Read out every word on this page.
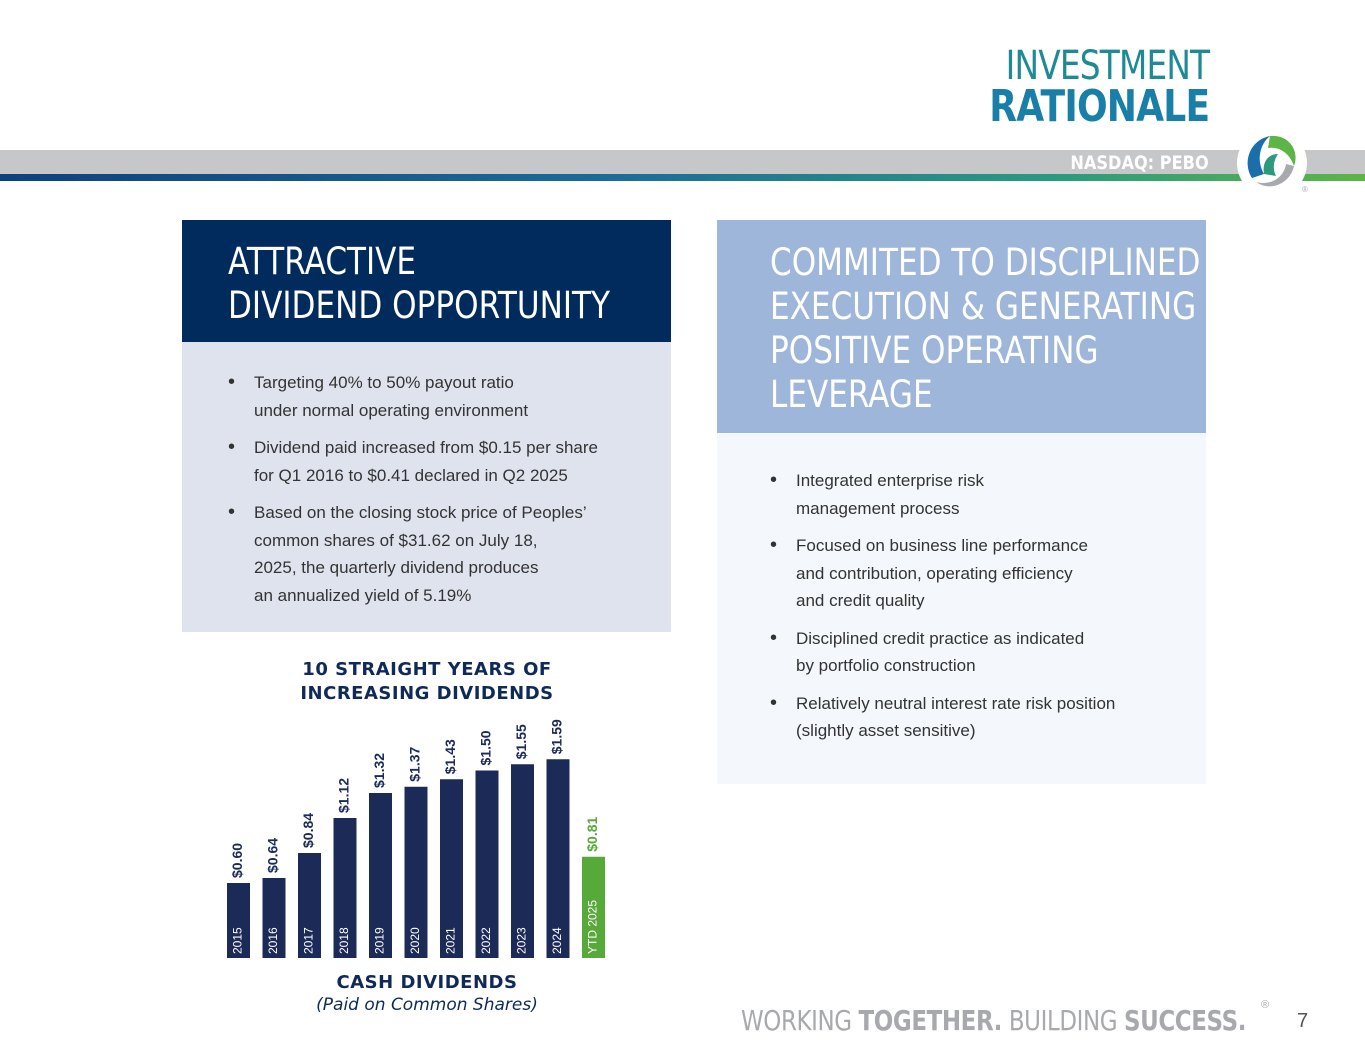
INVESTMENT
RATIONALE
NASDAQ: PEBO
®
ATTRACTIVE
DIVIDEND OPPORTUNITY
• Targeting 40% to 50% payout ratio
under normal operating environment
• Dividend paid increased from $0.15 per share
for Q1 2016 to $0.41 declared in Q2 2025
• Based on the closing stock price of Peoples’
common shares of $31.62 on July 18,
2025, the quarterly dividend produces
an annualized yield of 5.19%
COMMITED TO DISCIPLINED
EXECUTION & GENERATING
POSITIVE OPERATING
LEVERAGE
• Integrated enterprise risk
management process
• Focused on business line performance
and contribution, operating efficiency
and credit quality
• Disciplined credit practice as indicated
by portfolio construction
• Relatively neutral interest rate risk position
(slightly asset sensitive)
10 STRAIGHT YEARS OF
INCREASING DIVIDENDS
2015
$0.60
2016
$0.64
2017
$0.84
2018
$1.12
2019
$1.32
2020
$1.37
2021
$1.43
2022
$1.50
2023
$1.55
2024
$1.59
YTD 2025
$0.81
CASH DIVIDENDS
(Paid on Common Shares)	WORKING TOGETHER. BUILDING SUCCESS. ®
7
